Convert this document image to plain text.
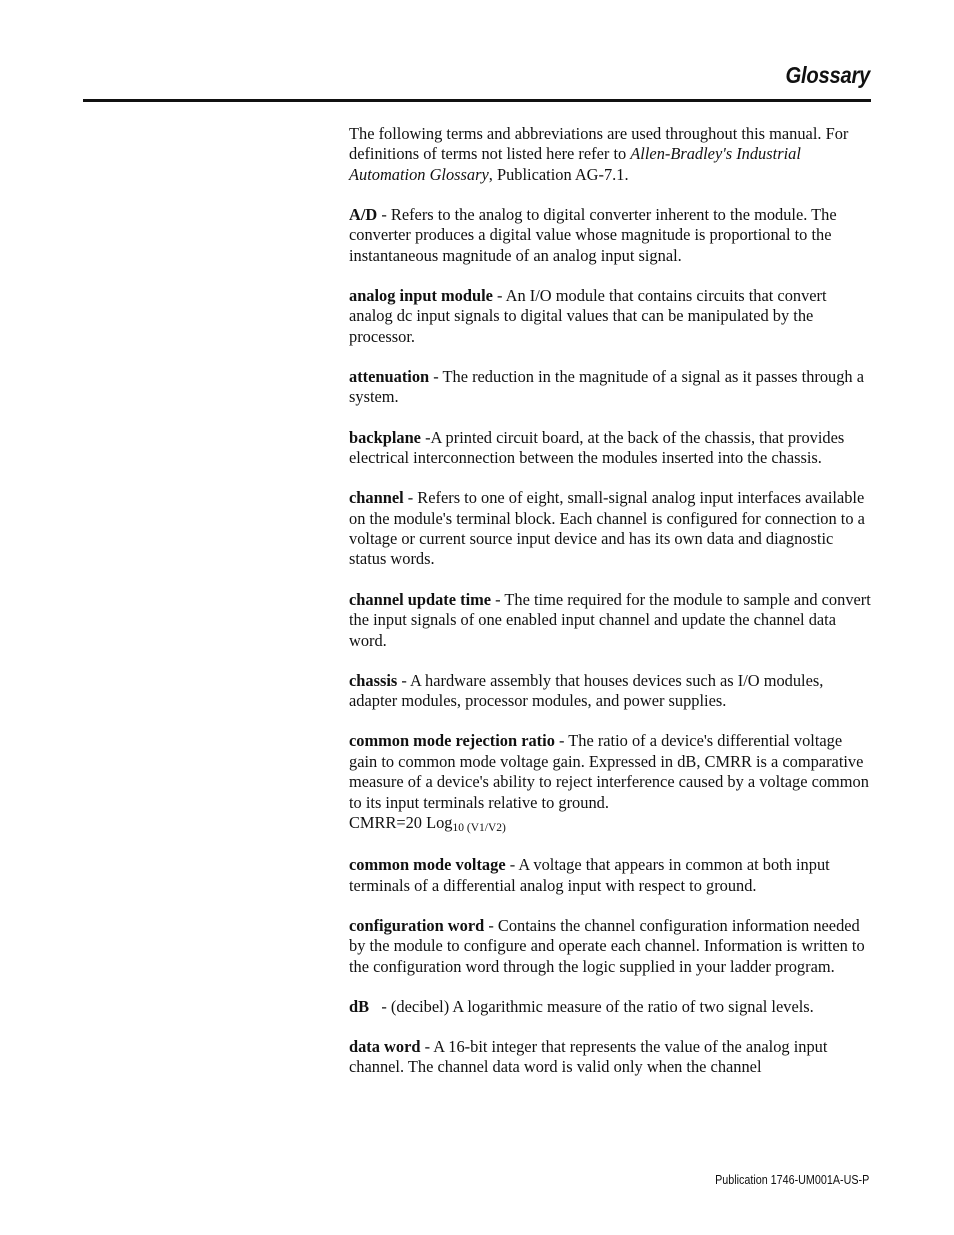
Glossary

The following terms and abbreviations are used throughout this manual. For definitions of terms not listed here refer to Allen-Bradley's Industrial Automation Glossary, Publication AG-7.1.

A/D - Refers to the analog to digital converter inherent to the module. The converter produces a digital value whose magnitude is proportional to the instantaneous magnitude of an analog input signal.

analog input module - An I/O module that contains circuits that convert analog dc input signals to digital values that can be manipulated by the processor.

attenuation - The reduction in the magnitude of a signal as it passes through a system.

backplane -A printed circuit board, at the back of the chassis, that provides electrical interconnection between the modules inserted into the chassis.

channel - Refers to one of eight, small-signal analog input interfaces available on the module's terminal block. Each channel is configured for connection to a voltage or current source input device and has its own data and diagnostic status words.

channel update time - The time required for the module to sample and convert the input signals of one enabled input channel and update the channel data word.

chassis - A hardware assembly that houses devices such as I/O modules, adapter modules, processor modules, and power supplies.

common mode rejection ratio - The ratio of a device's differential voltage gain to common mode voltage gain. Expressed in dB, CMRR is a comparative measure of a device's ability to reject interference caused by a voltage common to its input terminals relative to ground.
CMRR=20 Log10 (V1/V2)

common mode voltage - A voltage that appears in common at both input terminals of a differential analog input with respect to ground.

configuration word - Contains the channel configuration information needed by the module to configure and operate each channel. Information is written to the configuration word through the logic supplied in your ladder program.

dB   - (decibel) A logarithmic measure of the ratio of two signal levels.

data word - A 16-bit integer that represents the value of the analog input channel. The channel data word is valid only when the channel

Publication 1746-UM001A-US-P
